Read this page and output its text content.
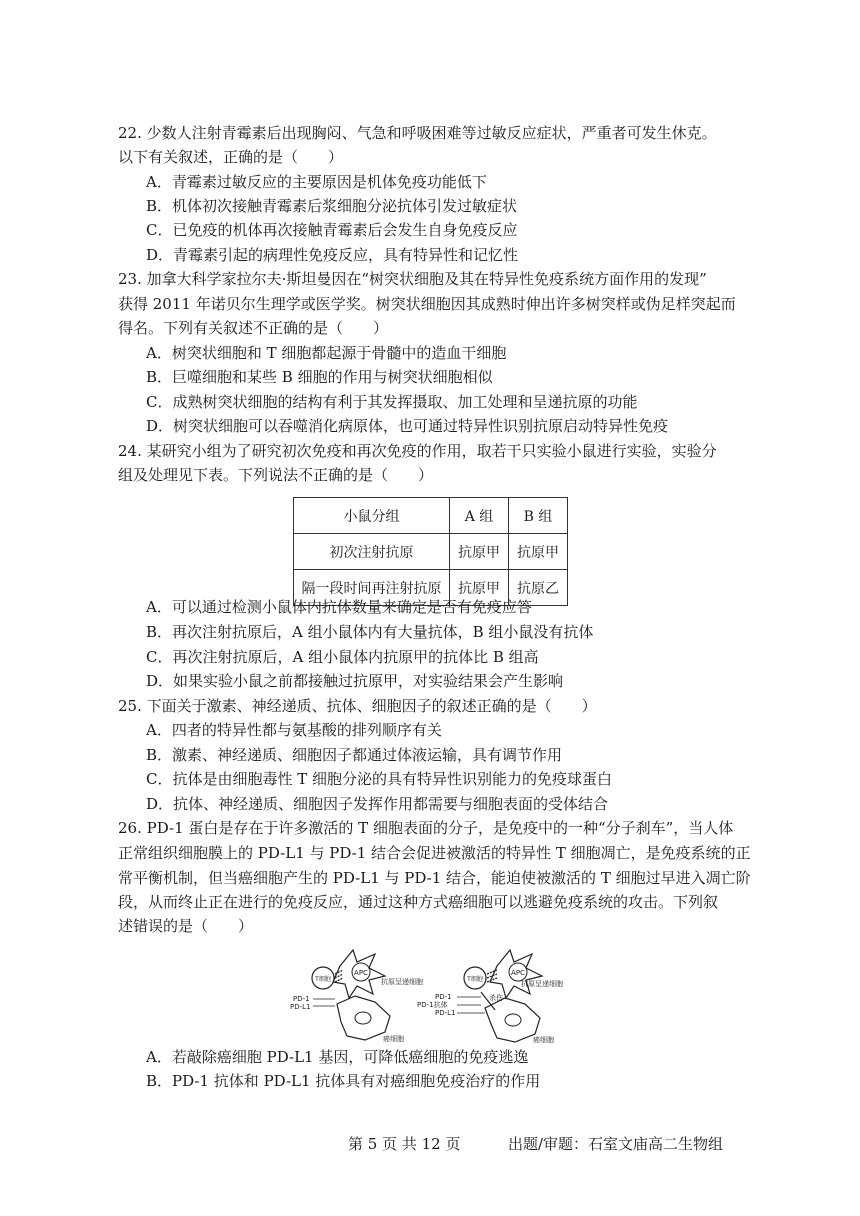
22. 少数人注射青霉素后出现胸闷、气急和呼吸困难等过敏反应症状，严重者可发生休克。
以下有关叙述，正确的是（　　）
A．青霉素过敏反应的主要原因是机体免疫功能低下
B．机体初次接触青霉素后浆细胞分泌抗体引发过敏症状
C．已免疫的机体再次接触青霉素后会发生自身免疫反应
D．青霉素引起的病理性免疫反应，具有特异性和记忆性
23. 加拿大科学家拉尔夫·斯坦曼因在“树突状细胞及其在特异性免疫系统方面作用的发现”
获得 2011 年诺贝尔生理学或医学奖。树突状细胞因其成熟时伸出许多树突样或伪足样突起而
得名。下列有关叙述不正确的是（　　）
A．树突状细胞和 T 细胞都起源于骨髓中的造血干细胞
B．巨噬细胞和某些 B 细胞的作用与树突状细胞相似
C．成熟树突状细胞的结构有利于其发挥摄取、加工处理和呈递抗原的功能
D．树突状细胞可以吞噬消化病原体，也可通过特异性识别抗原启动特异性免疫
24. 某研究小组为了研究初次免疫和再次免疫的作用，取若干只实验小鼠进行实验，实验分
组及处理见下表。下列说法不正确的是（　　）
小鼠分组	A 组	B 组
初次注射抗原	抗原甲	抗原甲
隔一段时间再注射抗原	抗原甲	抗原乙
A．可以通过检测小鼠体内抗体数量来确定是否有免疫应答
B．再次注射抗原后，A 组小鼠体内有大量抗体，B 组小鼠没有抗体
C．再次注射抗原后，A 组小鼠体内抗原甲的抗体比 B 组高
D．如果实验小鼠之前都接触过抗原甲，对实验结果会产生影响
25. 下面关于激素、神经递质、抗体、细胞因子的叙述正确的是（　　）
A．四者的特异性都与氨基酸的排列顺序有关
B．激素、神经递质、细胞因子都通过体液运输，具有调节作用
C．抗体是由细胞毒性 T 细胞分泌的具有特异性识别能力的免疫球蛋白
D．抗体、神经递质、细胞因子发挥作用都需要与细胞表面的受体结合
26. PD-1 蛋白是存在于许多激活的 T 细胞表面的分子，是免疫中的一种“分子刹车”，当人体
正常组织细胞膜上的 PD-L1 与 PD-1 结合会促进被激活的特异性 T 细胞凋亡，是免疫系统的正
常平衡机制，但当癌细胞产生的 PD-L1 与 PD-1 结合，能迫使被激活的 T 细胞过早进入凋亡阶
段，从而终止正在进行的免疫反应，通过这种方式癌细胞可以逃避免疫系统的攻击。下列叙
述错误的是（　　）
APC
T细胞	抗原呈递细胞
PD-1
PD-L1
癌细胞
APC
T细胞
抗原呈递细胞
杀伤
PD-1
PD-1抗体
PD-L1
癌细胞
A．若敲除癌细胞 PD-L1 基因，可降低癌细胞的免疫逃逸
B．PD-1 抗体和 PD-L1 抗体具有对癌细胞免疫治疗的作用
第 5 页 共 12 页	出题/审题：石室文庙高二生物组
